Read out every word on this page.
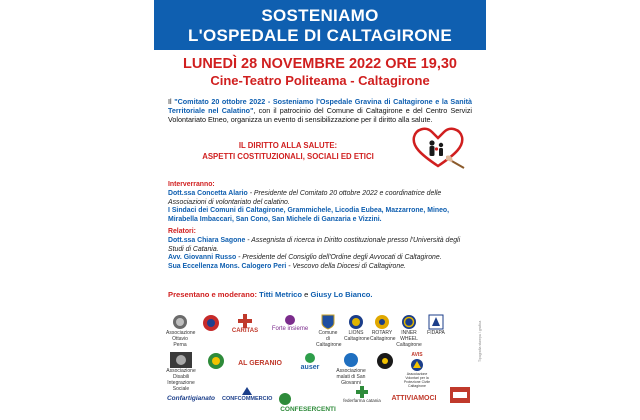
SOSTENIAMO
L'OSPEDALE DI CALTAGIRONE
LUNEDÌ 28 NOVEMBRE 2022 ORE 19,30
Cine-Teatro Politeama - Caltagirone
Il "Comitato 20 ottobre 2022 - Sosteniamo l'Ospedale Gravina di Caltagirone e la Sanità Territoriale nel Calatino", con il patrocinio del Comune di Caltagirone e del Centro Servizi Volontariato Etneo, organizza un evento di sensibilizzazione per il diritto alla salute.
IL DIRITTO ALLA SALUTE:
ASPETTI COSTITUZIONALI, SOCIALI ED ETICI
Interverranno:
Dott.ssa Concetta Alario - Presidente del Comitato 20 ottobre 2022 e coordinatrice delle Associazioni di volontariato del calatino.
I Sindaci dei Comuni di Caltagirone, Grammichele, Licodia Eubea, Mazzarrone, Mineo, Mirabella Imbaccari, San Cono, San Michele di Ganzaria e Vizzini.
Relatori:
Dott.ssa Chiara Sagone - Assegnista di ricerca in Diritto costituzionale presso l'Università degli Studi di Catania.
Avv. Giovanni Russo - Presidente del Consiglio dell'Ordine degli Avvocati di Caltagirone.
Sua Eccellenza Mons. Calogero Peri - Vescovo della Diocesi di Caltagirone.
Presentano e moderano: Titti Metrico e Giusy Lo Bianco.
Associazione Ottavio Perna
CARITAS	Forte insieme
Comune di Caltagirone
LIONS Caltagirone
ROTARY Caltagirone
INNER WHEEL Caltagirone
FIDAPA
Associazione Disabili Integrazione Sociale
AL GERANIO
auser	Associazione malati di San Giovanni
AVIS
Associazione Volontari per la Protezione Civile Caltagirone
Confartigianato CONFCOMMERCIO
CONFESERCENTI
federfarma catania	ATTIVIAMOCI
Tipografia stampa / grafica
